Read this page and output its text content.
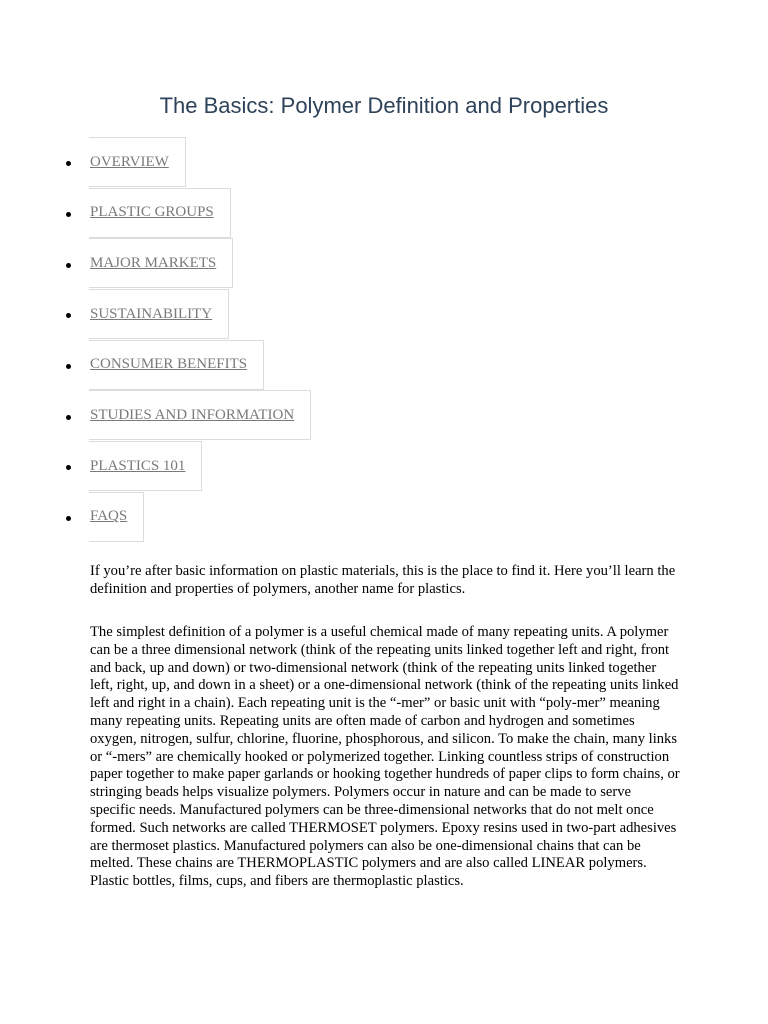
The Basics: Polymer Definition and Properties
OVERVIEW
PLASTIC GROUPS
MAJOR MARKETS
SUSTAINABILITY
CONSUMER BENEFITS
STUDIES AND INFORMATION
PLASTICS 101
FAQS

If you’re after basic information on plastic materials, this is the place to find it. Here you’ll learn the definition and properties of polymers, another name for plastics.

The simplest definition of a polymer is a useful chemical made of many repeating units. A polymer can be a three dimensional network (think of the repeating units linked together left and right, front and back, up and down) or two-dimensional network (think of the repeating units linked together left, right, up, and down in a sheet) or a one-dimensional network (think of the repeating units linked left and right in a chain). Each repeating unit is the “-mer” or basic unit with “poly-mer” meaning many repeating units. Repeating units are often made of carbon and hydrogen and sometimes oxygen, nitrogen, sulfur, chlorine, fluorine, phosphorous, and silicon. To make the chain, many links or “-mers” are chemically hooked or polymerized together. Linking countless strips of construction paper together to make paper garlands or hooking together hundreds of paper clips to form chains, or stringing beads helps visualize polymers. Polymers occur in nature and can be made to serve specific needs. Manufactured polymers can be three-dimensional networks that do not melt once formed. Such networks are called THERMOSET polymers. Epoxy resins used in two-part adhesives are thermoset plastics. Manufactured polymers can also be one-dimensional chains that can be melted. These chains are THERMOPLASTIC polymers and are also called LINEAR polymers. Plastic bottles, films, cups, and fibers are thermoplastic plastics.
